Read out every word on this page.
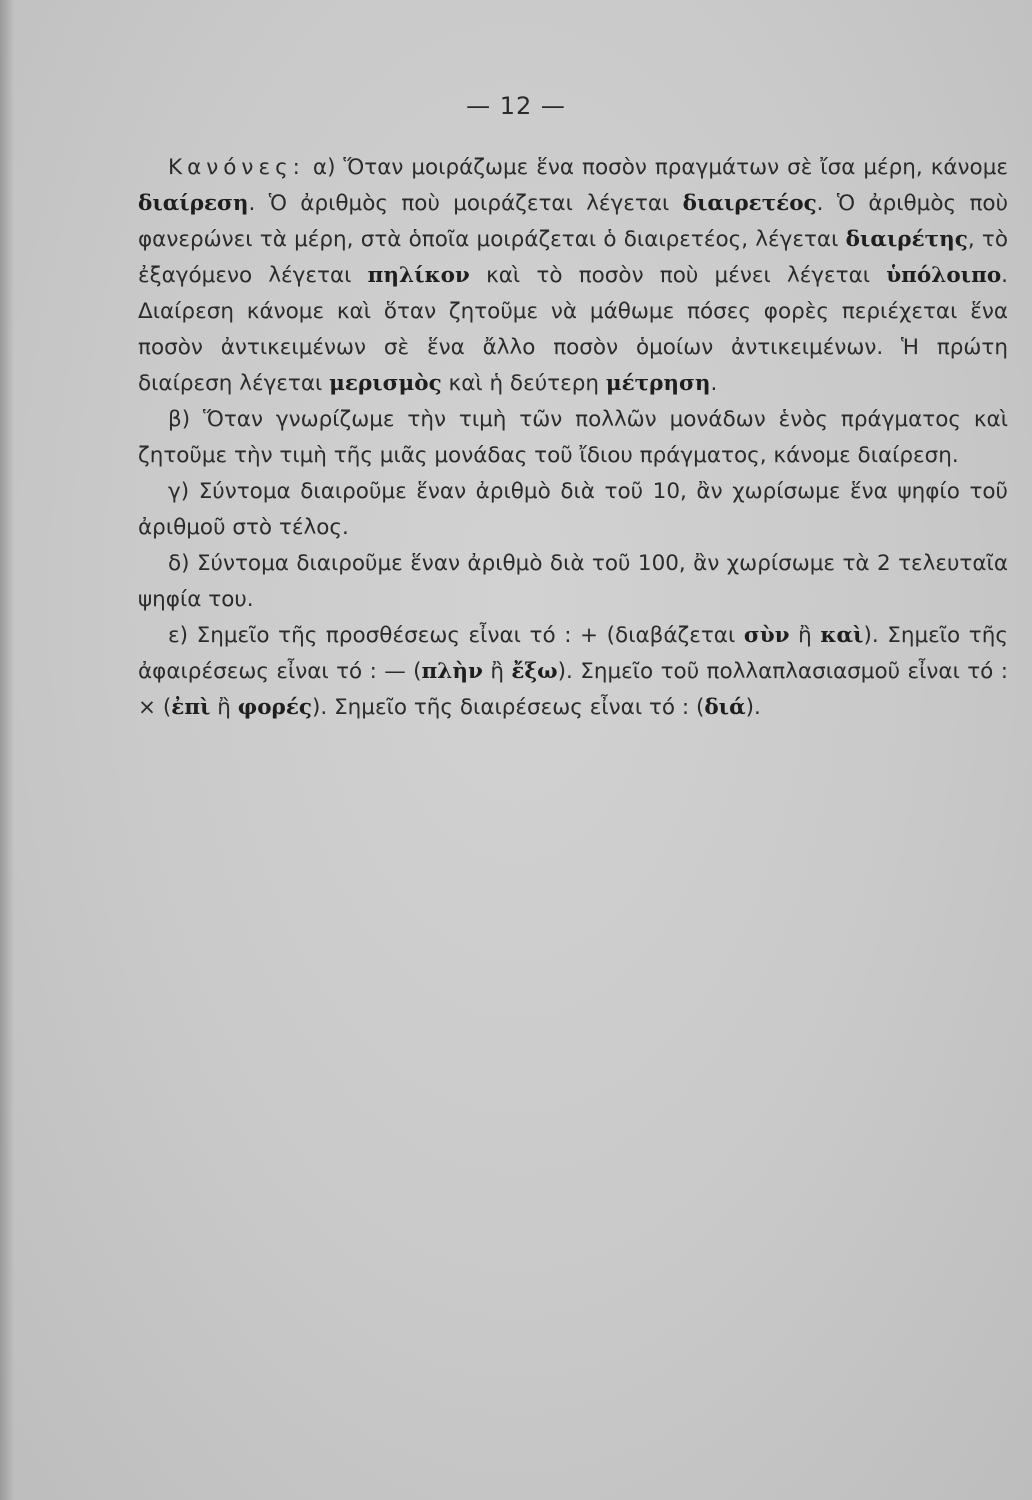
— 12 —

Κανόνες: α) Ὅταν μοιράζωμε ἕνα ποσὸν πραγμάτων σὲ ἴσα μέρη, κάνομε διαίρεση. Ὁ ἀριθμὸς ποὺ μοιράζεται λέγεται διαιρετέος. Ὁ ἀριθμὸς ποὺ φανερώνει τὰ μέρη, στὰ ὁποῖα μοιράζεται ὁ διαιρετέος, λέγεται διαιρέτης, τὸ ἐξαγόμενο λέγεται πηλίκον καὶ τὸ ποσὸν ποὺ μένει λέγεται ὑπόλοιπο. Διαίρεση κάνομε καὶ ὅταν ζητοῦμε νὰ μάθωμε πόσες φορὲς περιέχεται ἕνα ποσὸν ἀντικειμένων σὲ ἕνα ἄλλο ποσὸν ὁμοίων ἀντικειμένων. Ἡ πρώτη διαίρεση λέγεται μερισμὸς καὶ ἡ δεύτερη μέτρηση.

β) Ὅταν γνωρίζωμε τὴν τιμὴ τῶν πολλῶν μονάδων ἑνὸς πράγματος καὶ ζητοῦμε τὴν τιμὴ τῆς μιᾶς μονάδας τοῦ ἴδιου πράγματος, κάνομε διαίρεση.

γ) Σύντομα διαιροῦμε ἕναν ἀριθμὸ διὰ τοῦ 10, ἂν χωρίσωμε ἕνα ψηφίο τοῦ ἀριθμοῦ στὸ τέλος.

δ) Σύντομα διαιροῦμε ἕναν ἀριθμὸ διὰ τοῦ 100, ἂν χωρίσωμε τὰ 2 τελευταῖα ψηφία του.

ε) Σημεῖο τῆς προσθέσεως εἶναι τό : + (διαβάζεται σὺν ἢ καὶ). Σημεῖο τῆς ἀφαιρέσεως εἶναι τό : — (πλὴν ἢ ἔξω). Σημεῖο τοῦ πολλαπλασιασμοῦ εἶναι τό : × (ἐπὶ ἢ φορές). Σημεῖο τῆς διαιρέσεως εἶναι τό : (διά).
